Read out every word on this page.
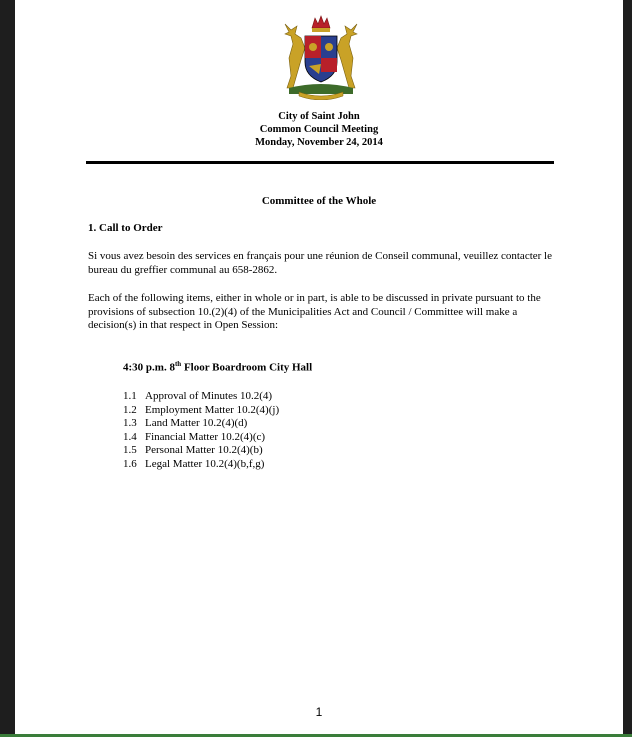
City of Saint John
Common Council Meeting
Monday, November 24, 2014
Committee of the Whole
1. Call to Order
Si vous avez besoin des services en français pour une réunion de Conseil communal, veuillez contacter le bureau du greffier communal au 658-2862.
Each of the following items, either in whole or in part, is able to be discussed in private pursuant to the provisions of subsection 10.(2)(4) of the Municipalities Act and Council / Committee will make a decision(s) in that respect in Open Session:
4:30 p.m. 8th Floor Boardroom City Hall
1.1 Approval of Minutes 10.2(4)
1.2 Employment Matter 10.2(4)(j)
1.3 Land Matter 10.2(4)(d)
1.4 Financial Matter 10.2(4)(c)
1.5 Personal Matter 10.2(4)(b)
1.6 Legal Matter 10.2(4)(b,f,g)
1
